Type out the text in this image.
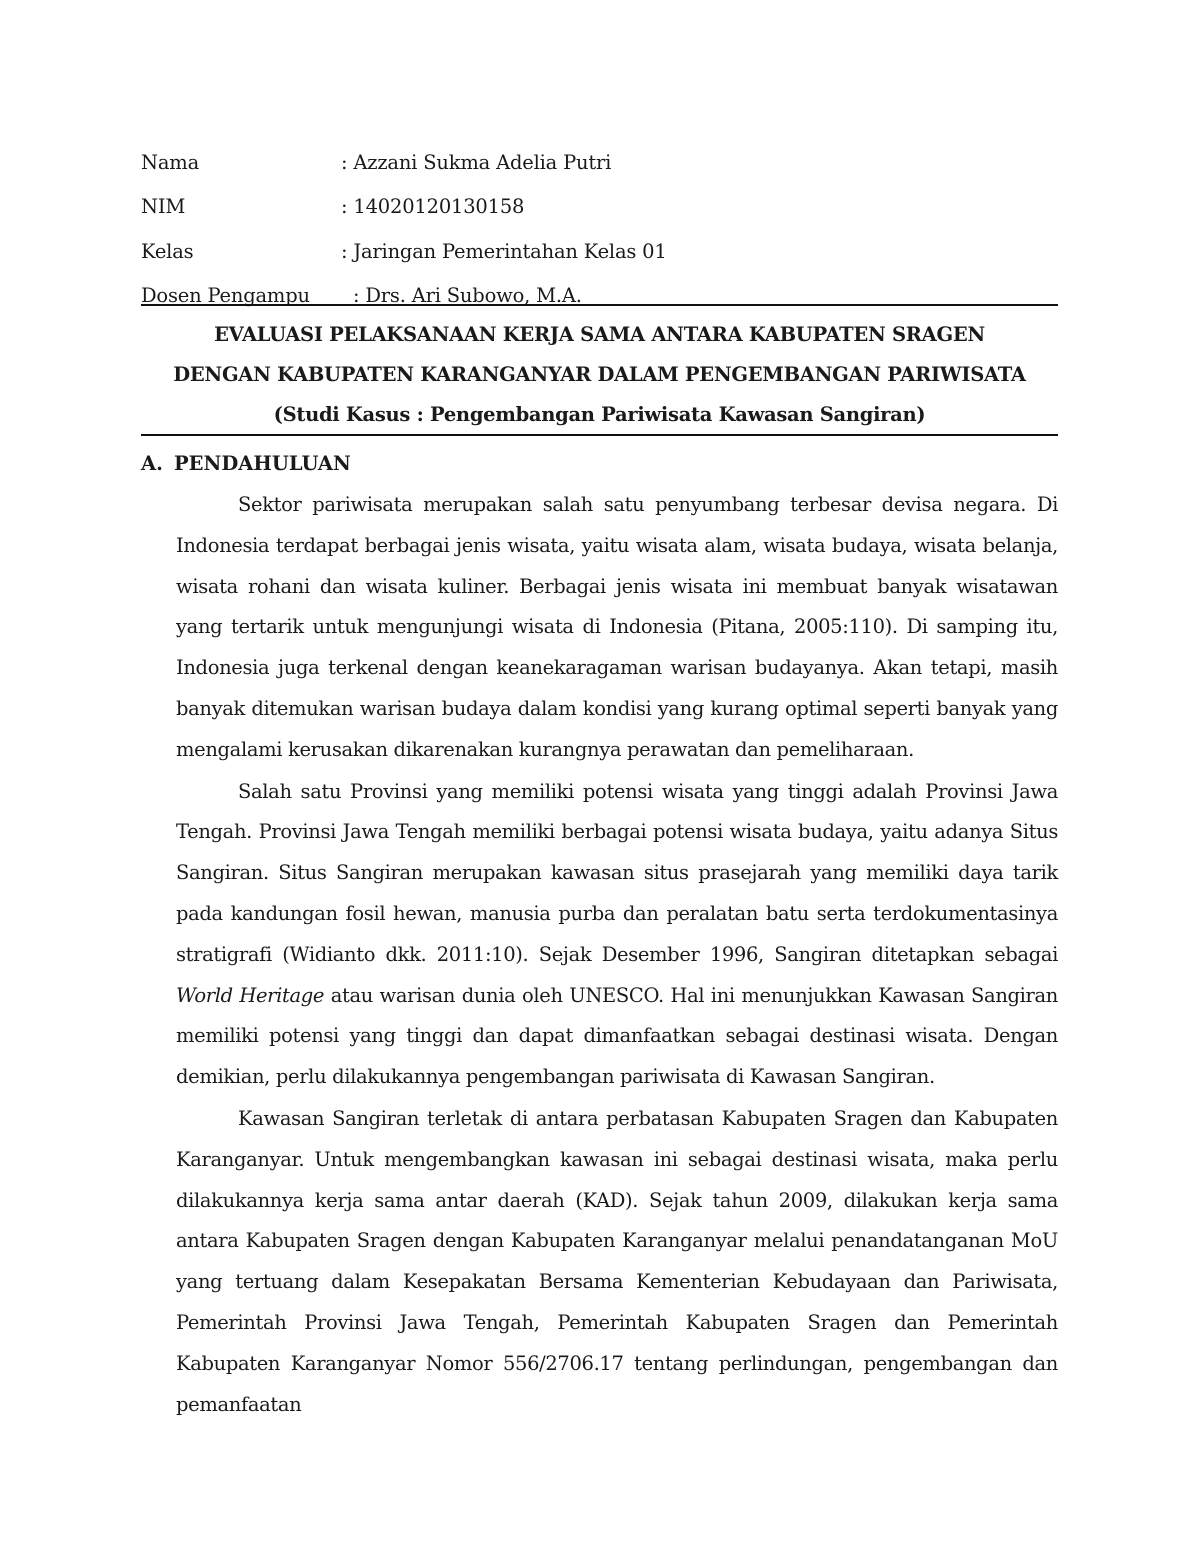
Nama	: Azzani Sukma Adelia Putri
NIM	: 14020120130158
Kelas	: Jaringan Pemerintahan Kelas 01
Dosen Pengampu	: Drs. Ari Subowo, M.A.
EVALUASI PELAKSANAAN KERJA SAMA ANTARA KABUPATEN SRAGEN
DENGAN KABUPATEN KARANGANYAR DALAM PENGEMBANGAN PARIWISATA
(Studi Kasus : Pengembangan Pariwisata Kawasan Sangiran)
A. PENDAHULUAN

Sektor pariwisata merupakan salah satu penyumbang terbesar devisa negara. Di Indonesia terdapat berbagai jenis wisata, yaitu wisata alam, wisata budaya, wisata belanja, wisata rohani dan wisata kuliner. Berbagai jenis wisata ini membuat banyak wisatawan yang tertarik untuk mengunjungi wisata di Indonesia (Pitana, 2005:110). Di samping itu, Indonesia juga terkenal dengan keanekaragaman warisan budayanya. Akan tetapi, masih banyak ditemukan warisan budaya dalam kondisi yang kurang optimal seperti banyak yang mengalami kerusakan dikarenakan kurangnya perawatan dan pemeliharaan.

Salah satu Provinsi yang memiliki potensi wisata yang tinggi adalah Provinsi Jawa Tengah. Provinsi Jawa Tengah memiliki berbagai potensi wisata budaya, yaitu adanya Situs Sangiran. Situs Sangiran merupakan kawasan situs prasejarah yang memiliki daya tarik pada kandungan fosil hewan, manusia purba dan peralatan batu serta terdokumentasinya stratigrafi (Widianto dkk. 2011:10). Sejak Desember 1996, Sangiran ditetapkan sebagai World Heritage atau warisan dunia oleh UNESCO. Hal ini menunjukkan Kawasan Sangiran memiliki potensi yang tinggi dan dapat dimanfaatkan sebagai destinasi wisata. Dengan demikian, perlu dilakukannya pengembangan pariwisata di Kawasan Sangiran.

Kawasan Sangiran terletak di antara perbatasan Kabupaten Sragen dan Kabupaten Karanganyar. Untuk mengembangkan kawasan ini sebagai destinasi wisata, maka perlu dilakukannya kerja sama antar daerah (KAD). Sejak tahun 2009, dilakukan kerja sama antara Kabupaten Sragen dengan Kabupaten Karanganyar melalui penandatanganan MoU yang tertuang dalam Kesepakatan Bersama Kementerian Kebudayaan dan Pariwisata, Pemerintah Provinsi Jawa Tengah, Pemerintah Kabupaten Sragen dan Pemerintah Kabupaten Karanganyar Nomor 556/2706.17 tentang perlindungan, pengembangan dan pemanfaatan
